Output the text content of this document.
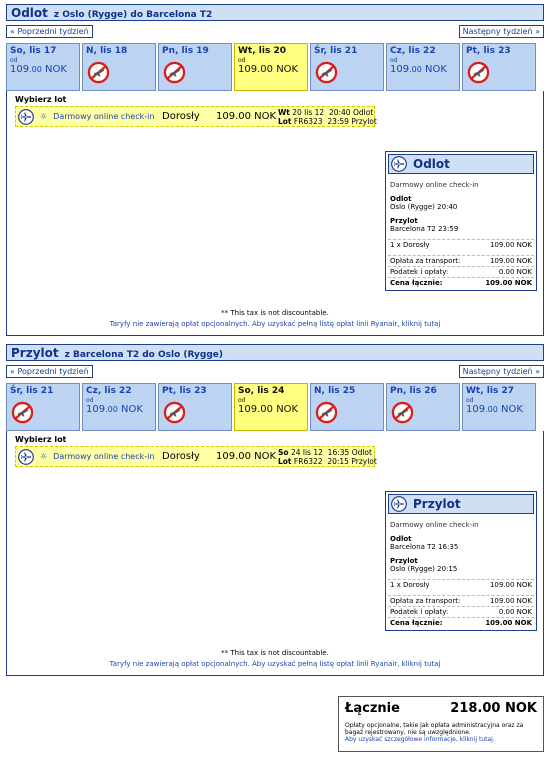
Odlot z Oslo (Rygge) do Barcelona T2
« Poprzedni tydzień	Następny tydzień »
So, lis 17
od
109.00 NOK
N, lis 18	Pn, lis 19	Wt, lis 20
od
109.00 NOK
Śr, lis 21	Cz, lis 22
od
109.00 NOK
Pt, lis 23
Wybierz lot
☼ Darmowy online check-in Dorosły 109.00 NOK Wt 20 lis 12 20:40 Odlot
Lot FR6323 23:59 Przylot
Odlot
Darmowy online check-in
Odlot
Oslo (Rygge) 20:40
Przylot
Barcelona T2 23:59
1 x Dorosły	109.00 NOK
Opłata za transport:	109.00 NOK
Podatek i opłaty:	0.00 NOK
Cena łącznie:	109.00 NOK
** This tax is not discountable.
Taryfy nie zawierają opłat opcjonalnych. Aby uzyskać pełną listę opłat linii Ryanair, kliknij tutaj
Przylot z Barcelona T2 do Oslo (Rygge)
« Poprzedni tydzień	Następny tydzień »
Śr, lis 21	Cz, lis 22
od
109.00 NOK
Pt, lis 23	So, lis 24
od
109.00 NOK
N, lis 25	Pn, lis 26	Wt, lis 27
od
109.00 NOK
Wybierz lot
☼ Darmowy online check-in Dorosły 109.00 NOK So 24 lis 12 16:35 Odlot
Lot FR6322 20:15 Przylot
Przylot
Darmowy online check-in
Odlot
Barcelona T2 16:35
Przylot
Oslo (Rygge) 20:15
1 x Dorosły	109.00 NOK
Opłata za transport:	109.00 NOK
Podatek i opłaty:	0.00 NOK
Cena łącznie:	109.00 NOK
** This tax is not discountable.
Taryfy nie zawierają opłat opcjonalnych. Aby uzyskać pełną listę opłat linii Ryanair, kliknij tutaj
Łącznie	218.00 NOK
Opłaty opcjonalne, takie jak opłata administracyjna oraz za bagaż rejestrowany, nie są uwzględnione.
Aby uzyskać szczegółowe informacje, kliknij tutaj.
